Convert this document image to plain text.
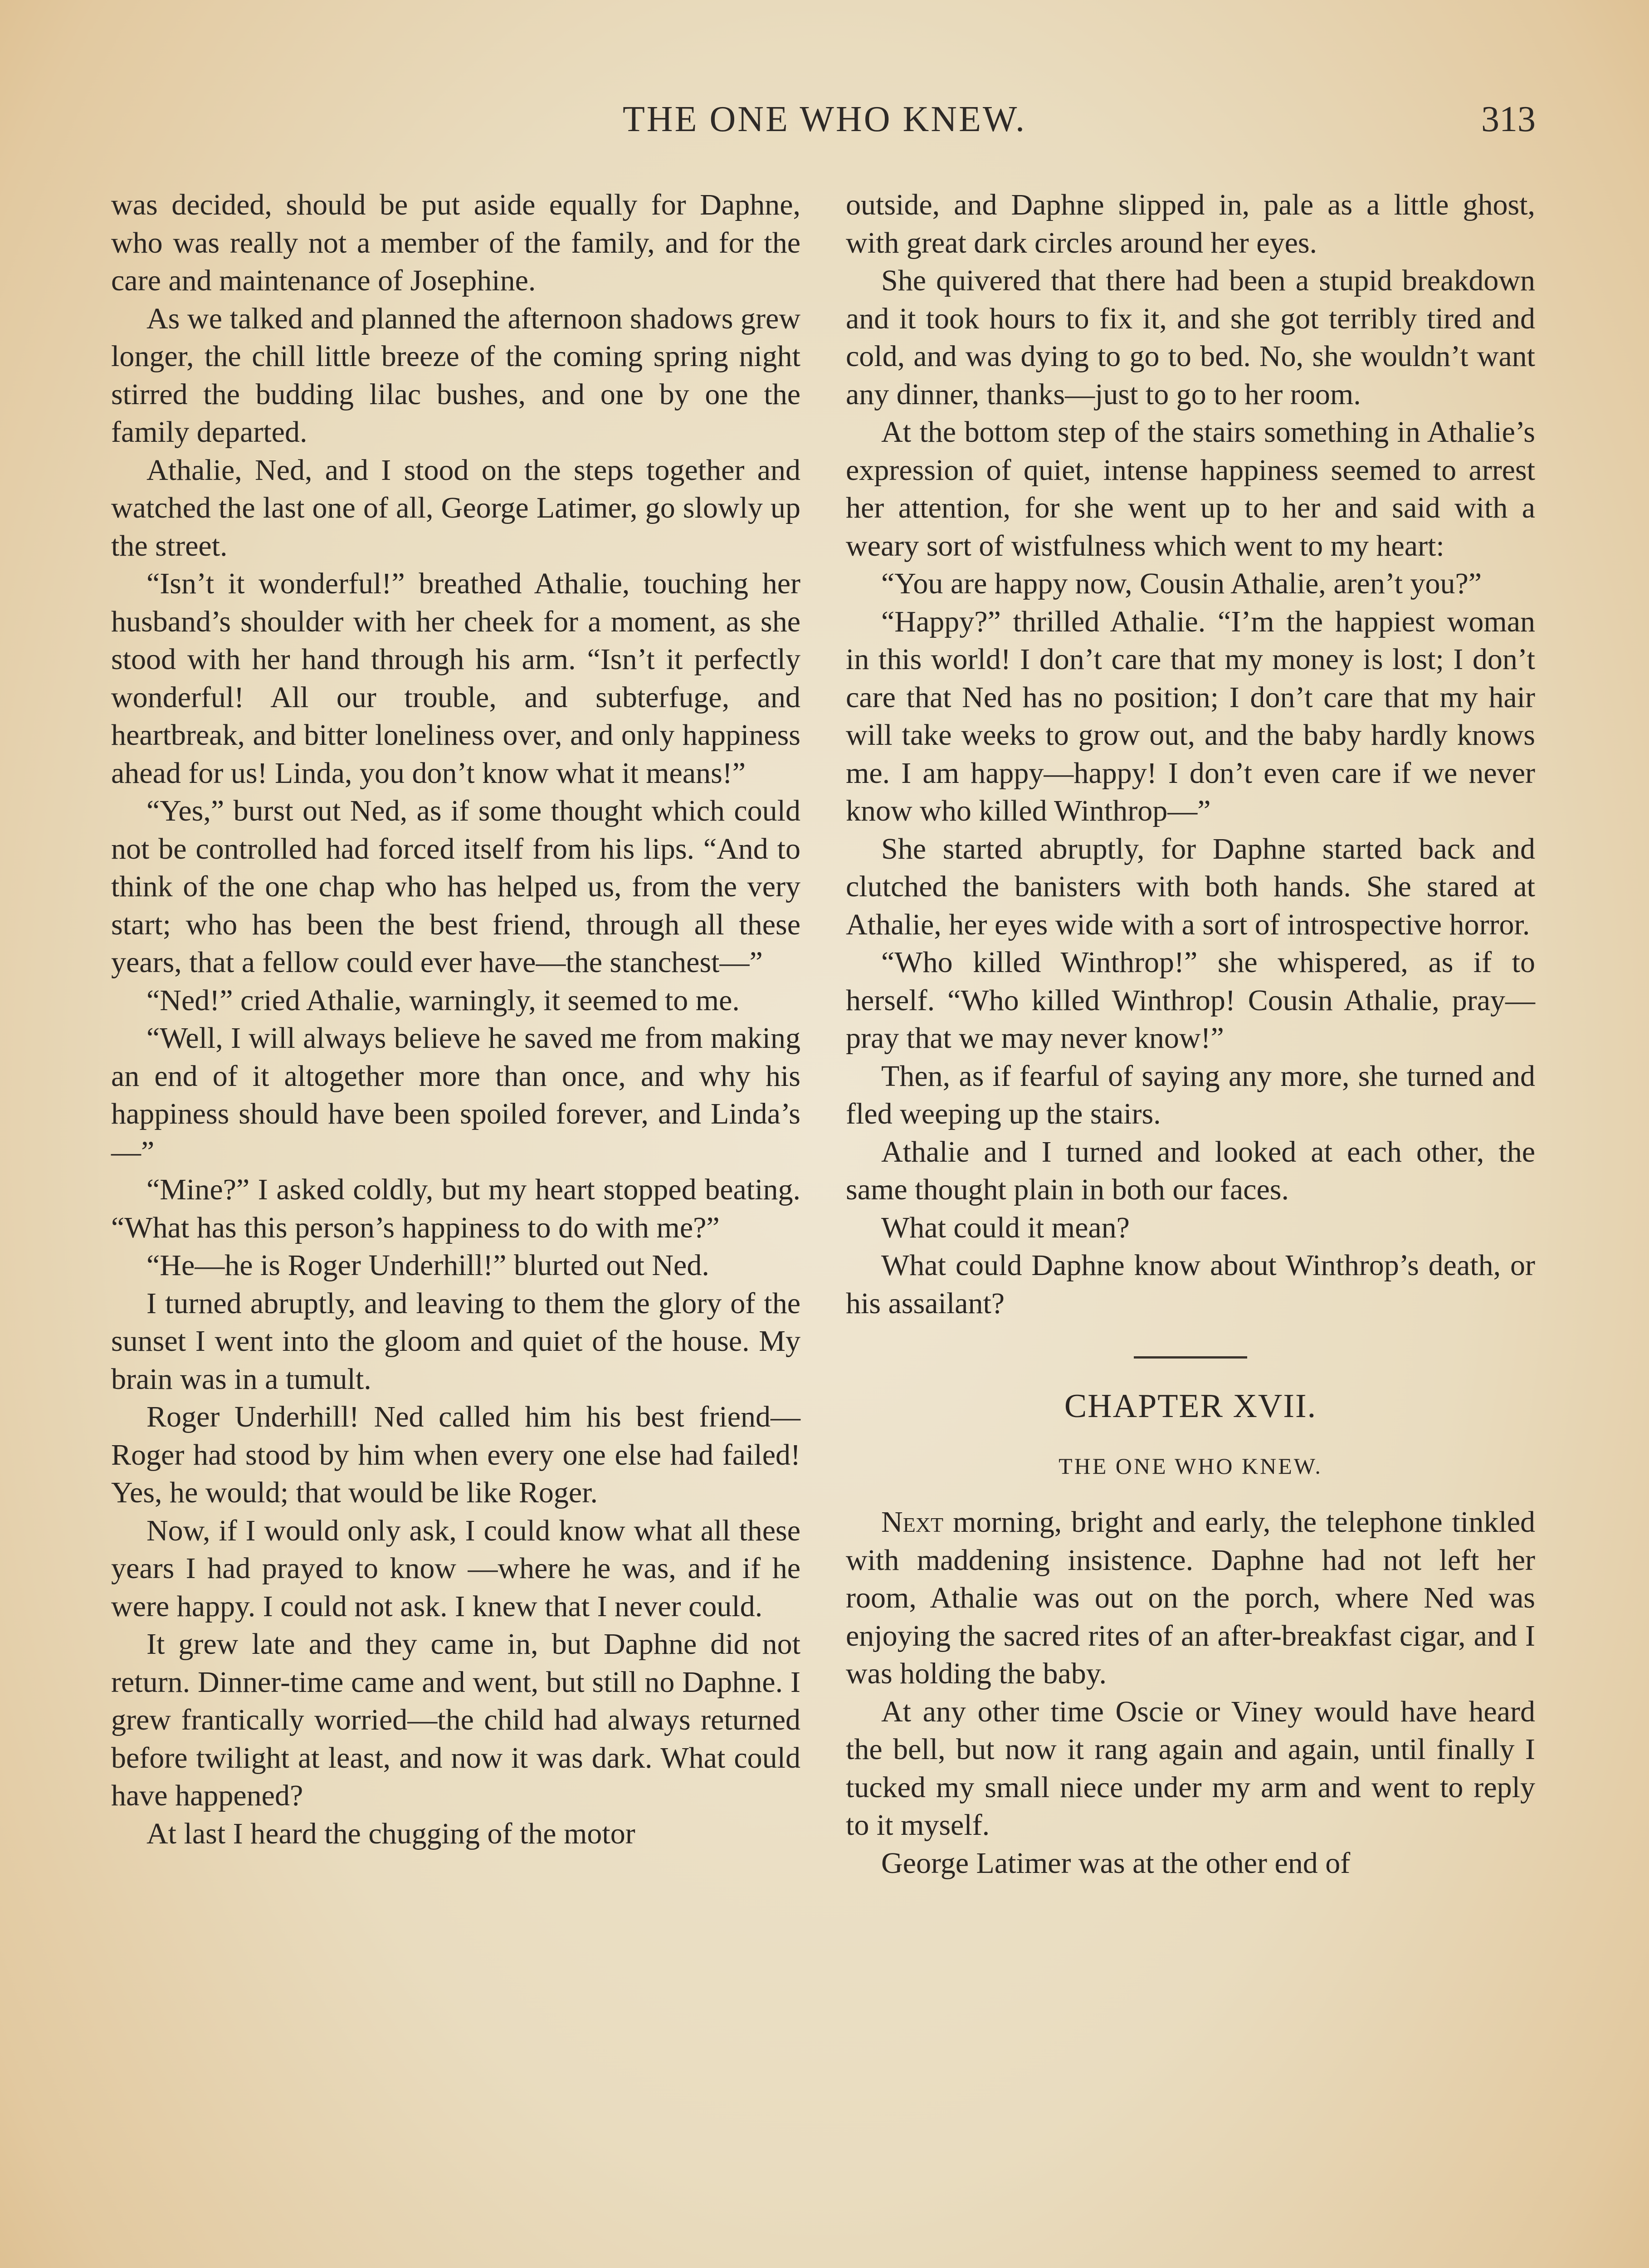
THE ONE WHO KNEW.	313

was decided, should be put aside equally for Daphne, who was really not a member of the family, and for the care and maintenance of Josephine.

As we talked and planned the afternoon shadows grew longer, the chill little breeze of the coming spring night stirred the budding lilac bushes, and one by one the family departed.

Athalie, Ned, and I stood on the steps together and watched the last one of all, George Latimer, go slowly up the street.

“Isn’t it wonderful!” breathed Athalie, touching her husband’s shoulder with her cheek for a moment, as she stood with her hand through his arm. “Isn’t it perfectly wonderful! All our trouble, and subterfuge, and heartbreak, and bitter loneliness over, and only happiness ahead for us! Linda, you don’t know what it means!”

“Yes,” burst out Ned, as if some thought which could not be controlled had forced itself from his lips. “And to think of the one chap who has helped us, from the very start; who has been the best friend, through all these years, that a fellow could ever have—the stanchest—”

“Ned!” cried Athalie, warningly, it seemed to me.

“Well, I will always believe he saved me from making an end of it altogether more than once, and why his happiness should have been spoiled forever, and Linda’s—”

“Mine?” I asked coldly, but my heart stopped beating. “What has this person’s happiness to do with me?”

“He—he is Roger Underhill!” blurted out Ned.

I turned abruptly, and leaving to them the glory of the sunset I went into the gloom and quiet of the house. My brain was in a tumult.

Roger Underhill! Ned called him his best friend—Roger had stood by him when every one else had failed! Yes, he would; that would be like Roger.

Now, if I would only ask, I could know what all these years I had prayed to know —where he was, and if he were happy. I could not ask. I knew that I never could.

It grew late and they came in, but Daphne did not return. Dinner-time came and went, but still no Daphne. I grew frantically worried—the child had always returned before twilight at least, and now it was dark. What could have happened?

At last I heard the chugging of the motor

outside, and Daphne slipped in, pale as a little ghost, with great dark circles around her eyes.

She quivered that there had been a stupid breakdown and it took hours to fix it, and she got terribly tired and cold, and was dying to go to bed. No, she wouldn’t want any dinner, thanks—just to go to her room.

At the bottom step of the stairs something in Athalie’s expression of quiet, intense happiness seemed to arrest her attention, for she went up to her and said with a weary sort of wistfulness which went to my heart:

“You are happy now, Cousin Athalie, aren’t you?”

“Happy?” thrilled Athalie. “I’m the happiest woman in this world! I don’t care that my money is lost; I don’t care that Ned has no position; I don’t care that my hair will take weeks to grow out, and the baby hardly knows me. I am happy—happy! I don’t even care if we never know who killed Winthrop—”

She started abruptly, for Daphne started back and clutched the banisters with both hands. She stared at Athalie, her eyes wide with a sort of introspective horror.

“Who killed Winthrop!” she whispered, as if to herself. “Who killed Winthrop! Cousin Athalie, pray—pray that we may never know!”

Then, as if fearful of saying any more, she turned and fled weeping up the stairs.

Athalie and I turned and looked at each other, the same thought plain in both our faces.

What could it mean?

What could Daphne know about Winthrop’s death, or his assailant?

CHAPTER XVII.
THE ONE WHO KNEW.

Next morning, bright and early, the telephone tinkled with maddening insistence. Daphne had not left her room, Athalie was out on the porch, where Ned was enjoying the sacred rites of an after-breakfast cigar, and I was holding the baby.

At any other time Oscie or Viney would have heard the bell, but now it rang again and again, until finally I tucked my small niece under my arm and went to reply to it myself.

George Latimer was at the other end of
